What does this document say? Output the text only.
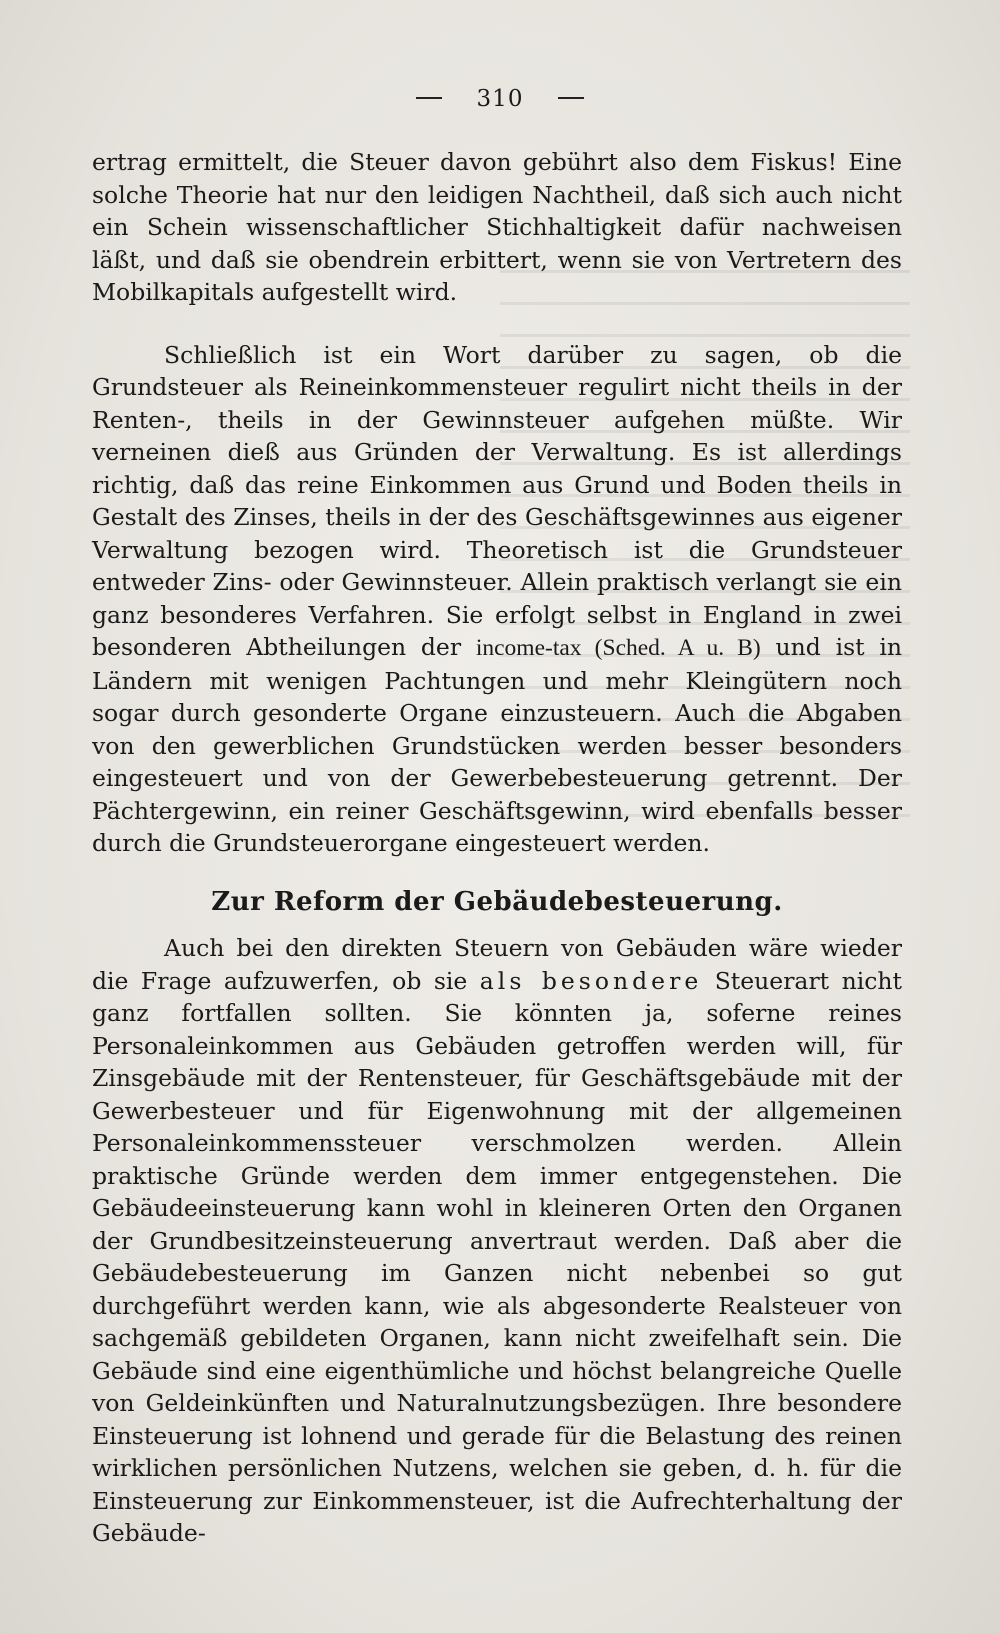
310

ertrag ermittelt, die Steuer davon gebührt also dem Fiskus! Eine solche Theorie hat nur den leidigen Nachtheil, daß sich auch nicht ein Schein wissenschaftlicher Stichhaltigkeit dafür nachweisen läßt, und daß sie obendrein erbittert, wenn sie von Vertretern des Mobilkapitals aufgestellt wird.

Schließlich ist ein Wort darüber zu sagen, ob die Grundsteuer als Reineinkommensteuer regulirt nicht theils in der Renten-, theils in der Gewinnsteuer aufgehen müßte. Wir verneinen dieß aus Gründen der Verwaltung. Es ist allerdings richtig, daß das reine Einkommen aus Grund und Boden theils in Gestalt des Zinses, theils in der des Geschäftsgewinnes aus eigener Verwaltung bezogen wird. Theoretisch ist die Grundsteuer entweder Zins- oder Gewinnsteuer. Allein praktisch verlangt sie ein ganz besonderes Verfahren. Sie erfolgt selbst in England in zwei besonderen Abtheilungen der income-tax (Sched. A u. B) und ist in Ländern mit wenigen Pachtungen und mehr Kleingütern noch sogar durch gesonderte Organe einzusteuern. Auch die Abgaben von den gewerblichen Grundstücken werden besser besonders eingesteuert und von der Gewerbebesteuerung getrennt. Der Pächtergewinn, ein reiner Geschäftsgewinn, wird ebenfalls besser durch die Grundsteuerorgane eingesteuert werden.

Zur Reform der Gebäudebesteuerung.

Auch bei den direkten Steuern von Gebäuden wäre wieder die Frage aufzuwerfen, ob sie als besondere Steuerart nicht ganz fortfallen sollten. Sie könnten ja, soferne reines Personaleinkommen aus Gebäuden getroffen werden will, für Zinsgebäude mit der Rentensteuer, für Geschäftsgebäude mit der Gewerbesteuer und für Eigenwohnung mit der allgemeinen Personaleinkommenssteuer verschmolzen werden. Allein praktische Gründe werden dem immer entgegenstehen. Die Gebäudeeinsteuerung kann wohl in kleineren Orten den Organen der Grundbesitzeinsteuerung anvertraut werden. Daß aber die Gebäudebesteuerung im Ganzen nicht nebenbei so gut durchgeführt werden kann, wie als abgesonderte Realsteuer von sachgemäß gebildeten Organen, kann nicht zweifelhaft sein. Die Gebäude sind eine eigenthümliche und höchst belangreiche Quelle von Geldeinkünften und Naturalnutzungsbezügen. Ihre besondere Einsteuerung ist lohnend und gerade für die Belastung des reinen wirklichen persönlichen Nutzens, welchen sie geben, d. h. für die Einsteuerung zur Einkommensteuer, ist die Aufrechterhaltung der Gebäude-
